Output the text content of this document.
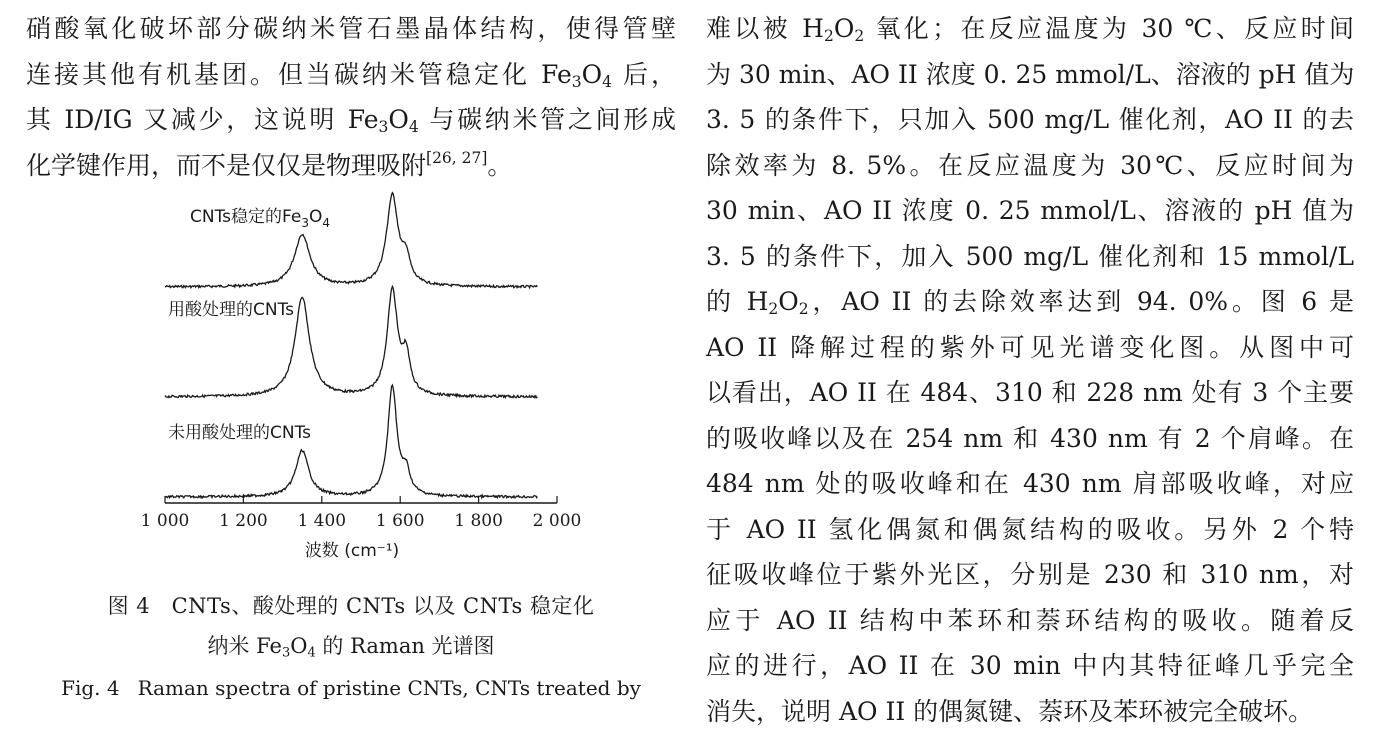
硝酸氧化破坏部分碳纳米管石墨晶体结构，使得管壁

连接其他有机基团。但当碳纳米管稳定化 $Fe_3O_4$ 后，

其 ID/IG 又减少，这说明 $Fe_3O_4$ 与碳纳米管之间形成

化学键作用，而不是仅仅是物理吸附[26, 27]。

1 000 1 200 1 400 1 600 1 800 2 000
CNTs稳定的$Fe_3O_4$
用酸处理的CNTs
未用酸处理的CNTs
波数 (cm⁻¹)
图 4　CNTs、酸处理的 CNTs 以及 CNTs 稳定化
纳米 $Fe_3O_4$ 的 Raman 光谱图
Fig. 4 Raman spectra of pristine CNTs, CNTs treated by

难以被 $H_2O_2$ 氧化；在反应温度为 30 ℃、反应时间

为 30 min、AO II 浓度 0. 25 mmol/L、溶液的 pH 值为

3. 5 的条件下，只加入 500 mg/L 催化剂，AO II 的去

除效率为 8. 5%。在反应温度为 30℃、反应时间为

30 min、AO II 浓度 0. 25 mmol/L、溶液的 pH 值为

3. 5 的条件下，加入 500 mg/L 催化剂和 15 mmol/L

的 $H_2O_2$，AO II 的去除效率达到 94. 0%。图 6 是

AO II 降解过程的紫外可见光谱变化图。从图中可

以看出，AO II 在 484、310 和 228 nm 处有 3 个主要

的吸收峰以及在 254 nm 和 430 nm 有 2 个肩峰。在

484 nm 处的吸收峰和在 430 nm 肩部吸收峰，对应

于 AO II 氢化偶氮和偶氮结构的吸收。另外 2 个特

征吸收峰位于紫外光区，分别是 230 和 310 nm，对

应于 AO II 结构中苯环和萘环结构的吸收。随着反

应的进行，AO II 在 30 min 中内其特征峰几乎完全

消失，说明 AO II 的偶氮键、萘环及苯环被完全破坏。
